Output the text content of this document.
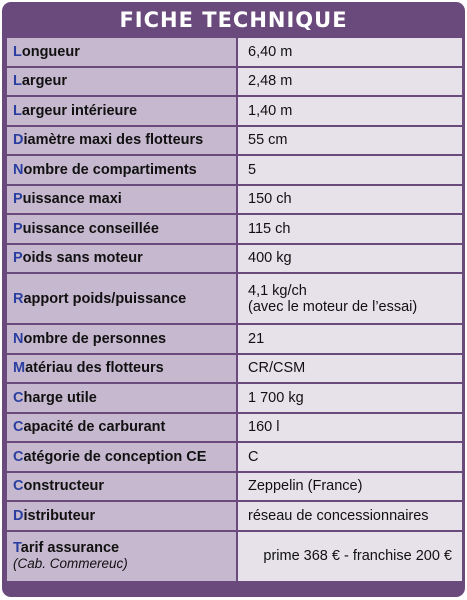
FICHE TECHNIQUE
L ongueur	6,40 m
L argeur	2,48 m
L argeur intérieure	1,40 m
D iamètre maxi des flotteurs	55 cm
N ombre de compartiments	5
P uissance maxi	150 ch
P uissance conseillée	115 ch
P oids sans moteur	400 kg
R apport poids/puissance	4,1 kg/ch
(avec le moteur de l’essai)
N ombre de personnes	21
M atériau des flotteurs	CR/CSM
C harge utile	1 700 kg
C apacité de carburant	160 l
C atégorie de conception CE	C
C onstructeur	Zeppelin (France)
D istributeur	réseau de concessionnaires
Tarif assurance
(Cab. Commereuc)	prime 368 € - franchise 200 €
